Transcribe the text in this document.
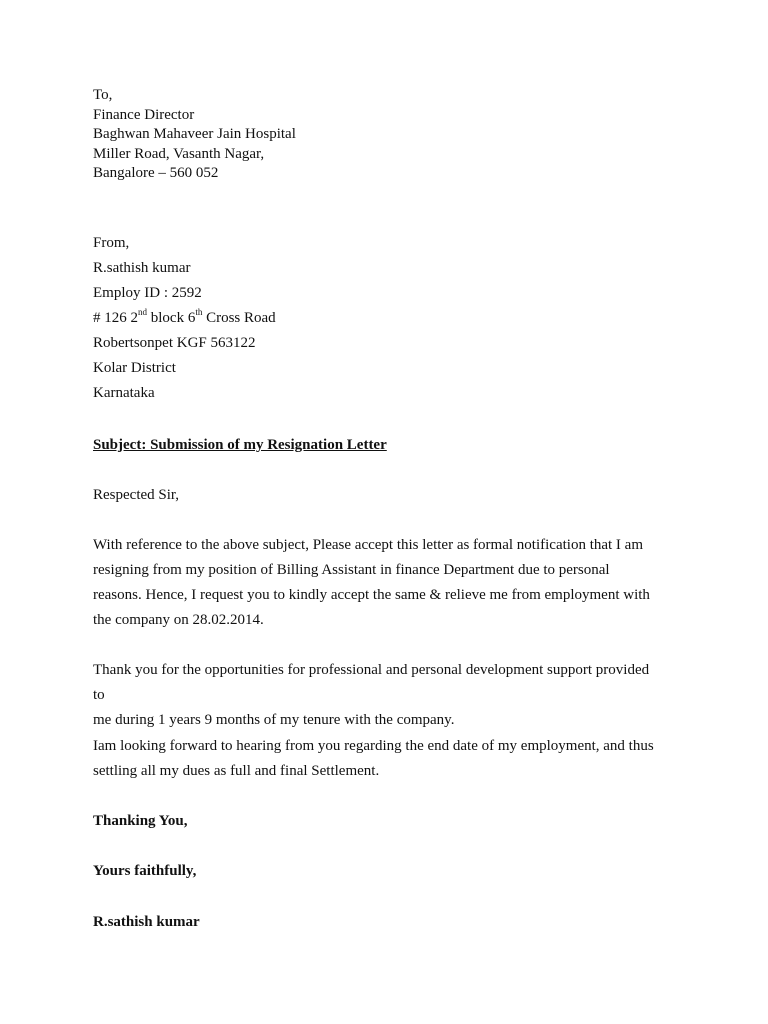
To,
Finance Director
Baghwan Mahaveer Jain Hospital
Miller Road, Vasanth Nagar,
Bangalore – 560 052
From,
R.sathish kumar
Employ ID : 2592
# 126 2nd block 6th Cross Road
Robertsonpet KGF 563122
Kolar District
Karnataka
Subject: Submission of my Resignation Letter
Respected Sir,
With reference to the above subject, Please accept this letter as formal notification that I am
resigning from my position of Billing Assistant in finance Department due to personal
reasons. Hence, I request you to kindly accept the same & relieve me from employment with
the company on 28.02.2014.
Thank you for the opportunities for professional and personal development support provided
to
me during 1 years 9 months of my tenure with the company.
Iam looking forward to hearing from you regarding the end date of my employment, and thus
settling all my dues as full and final Settlement.
Thanking You,
Yours faithfully,
R.sathish kumar
